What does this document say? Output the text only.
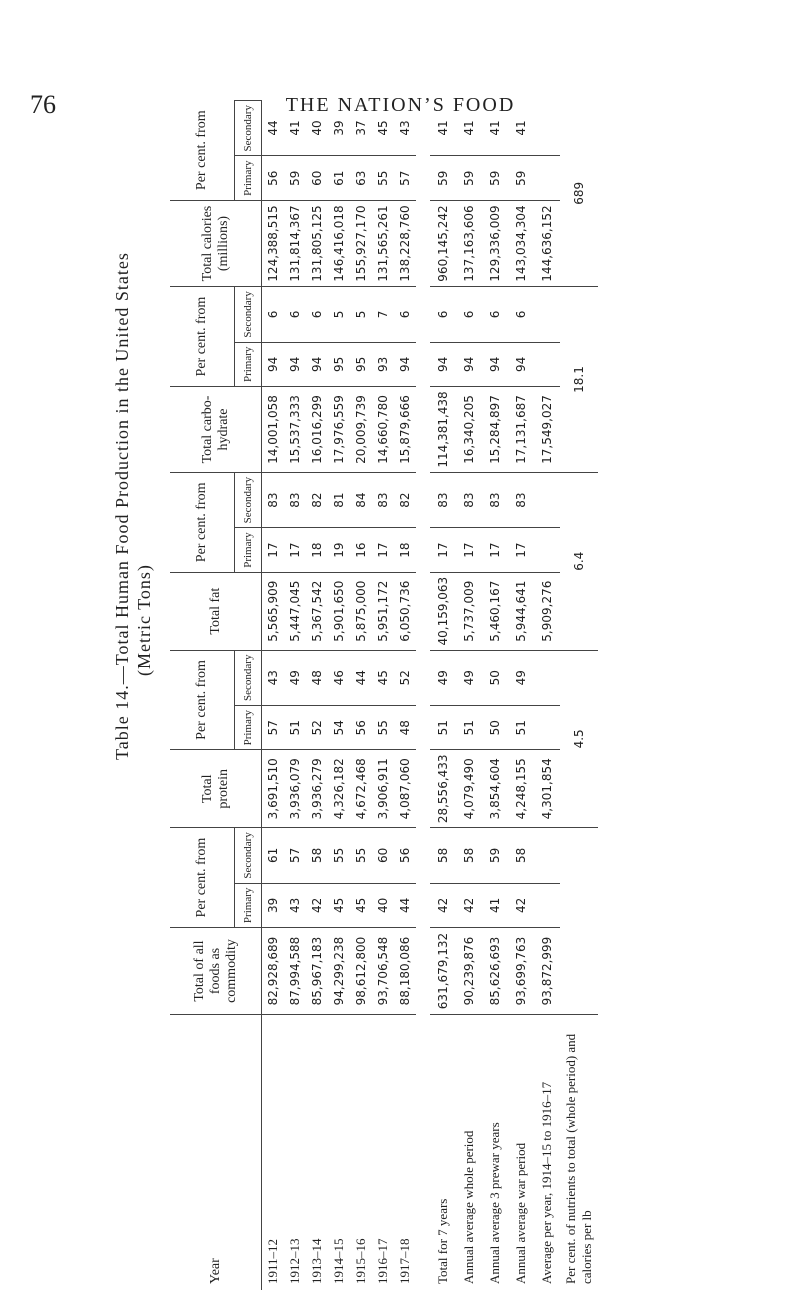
76	THE NATION’S FOOD
Table 14.—Total Human Food Production in the United States (Metric Tons)
Year	Total of all foods as commodity	Per cent. from		Total protein	Per cent. from		Total fat	Per cent. from		Total carbo-hydrate	Per cent. from		Total calories (millions)	Per cent. from	
		Primary	Secondary		Primary	Secondary		Primary	Secondary		Primary	Secondary		Primary	Secondary
1911–12	82,928,689	39	61	3,691,510	57	43	5,565,909	17	83	14,001,058	94	6	124,388,515	56	44
1912–13	87,994,588	43	57	3,936,079	51	49	5,447,045	17	83	15,537,333	94	6	131,814,367	59	41
1913–14	85,967,183	42	58	3,936,279	52	48	5,367,542	18	82	16,016,299	94	6	131,805,125	60	40
1914–15	94,299,238	45	55	4,326,182	54	46	5,901,650	19	81	17,976,559	95	5	146,416,018	61	39
1915–16	98,612,800	45	55	4,672,468	56	44	5,875,000	16	84	20,009,739	95	5	155,927,170	63	37
1916–17	93,706,548	40	60	3,906,911	55	45	5,951,172	17	83	14,660,780	93	7	131,565,261	55	45
1917–18	88,180,086	44	56	4,087,060	48	52	6,050,736	18	82	15,879,666	94	6	138,228,760	57	43

Total for 7 years	631,679,132	42	58	28,556,433	51	49	40,159,063	17	83	114,381,438	94	6	960,145,242	59	41
Annual average whole period	90,239,876	42	58	4,079,490	51	49	5,737,009	17	83	16,340,205	94	6	137,163,606	59	41
Annual average 3 prewar years	85,626,693	41	59	3,854,604	50	50	5,460,167	17	83	15,284,897	94	6	129,336,009	59	41
Annual average war period	93,699,763	42	58	4,248,155	51	49	5,944,641	17	83	17,131,687	94	6	143,034,304	59	41
Average per year, 1914–15 to 1916–17	93,872,999			4,301,854			5,909,276			17,549,027			144,636,152		
Per cent. of nutrients to total (whole period) and calories per lb				4.5			6.4			18.1			689		
